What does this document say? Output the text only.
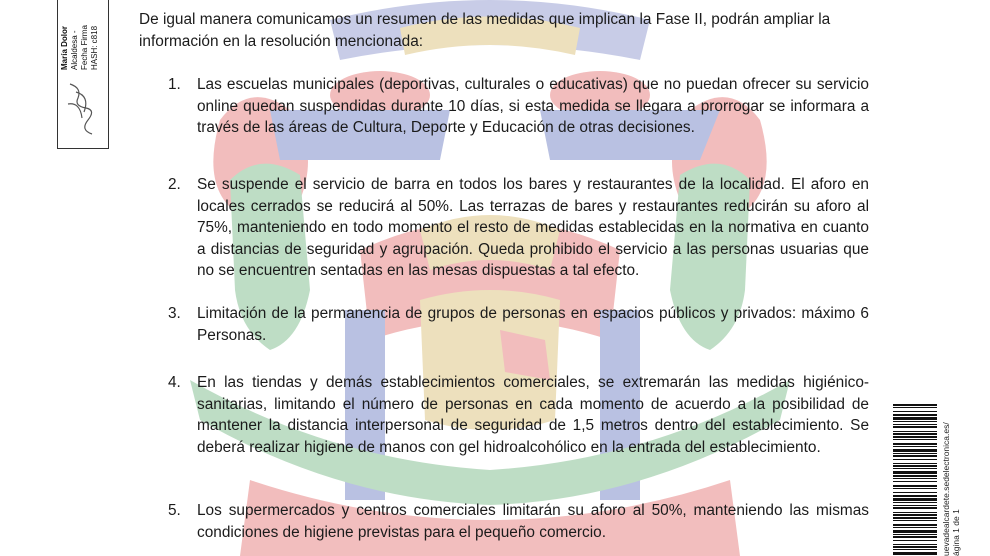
María Dolor Alcaldesa - Fecha Firma HASH: c818

De igual manera comunicamos un resumen de las medidas que implican la Fase II, podrán ampliar la

información en la resolución mencionada:

1. Las escuelas municipales (deportivas, culturales o educativas) que no puedan ofrecer su servicio online quedan suspendidas durante 10 días, si esta medida se llegara a prorrogar se informara a través de las áreas de Cultura, Deporte y Educación de otras decisiones.
2. Se suspende el servicio de barra en todos los bares y restaurantes de la localidad. El aforo en locales cerrados se reducirá al 50%. Las terrazas de bares y restaurantes reducirán su aforo al 75%, manteniendo en todo momento el resto de medidas establecidas en la normativa en cuanto a distancias de seguridad y agrupación. Queda prohibido el servicio a las personas usuarias que no se encuentren sentadas en las mesas dispuestas a tal efecto.
3. Limitación de la permanencia de grupos de personas en espacios públicos y privados: máximo 6 Personas.
4. En las tiendas y demás establecimientos comerciales, se extremarán las medidas higiénico-sanitarias, limitando el número de personas en cada momento de acuerdo a la posibilidad de mantener la distancia interpersonal de seguridad de 1,5 metros dentro del establecimiento. Se deberá realizar higiene de manos con gel hidroalcohólico en la entrada del establecimiento.
5. Los supermercados y centros comerciales limitarán su aforo al 50%, manteniendo las mismas condiciones de higiene previstas para el pequeño comercio.	uevadealcardete.sedelectronica.es/ ágina 1 de 1
